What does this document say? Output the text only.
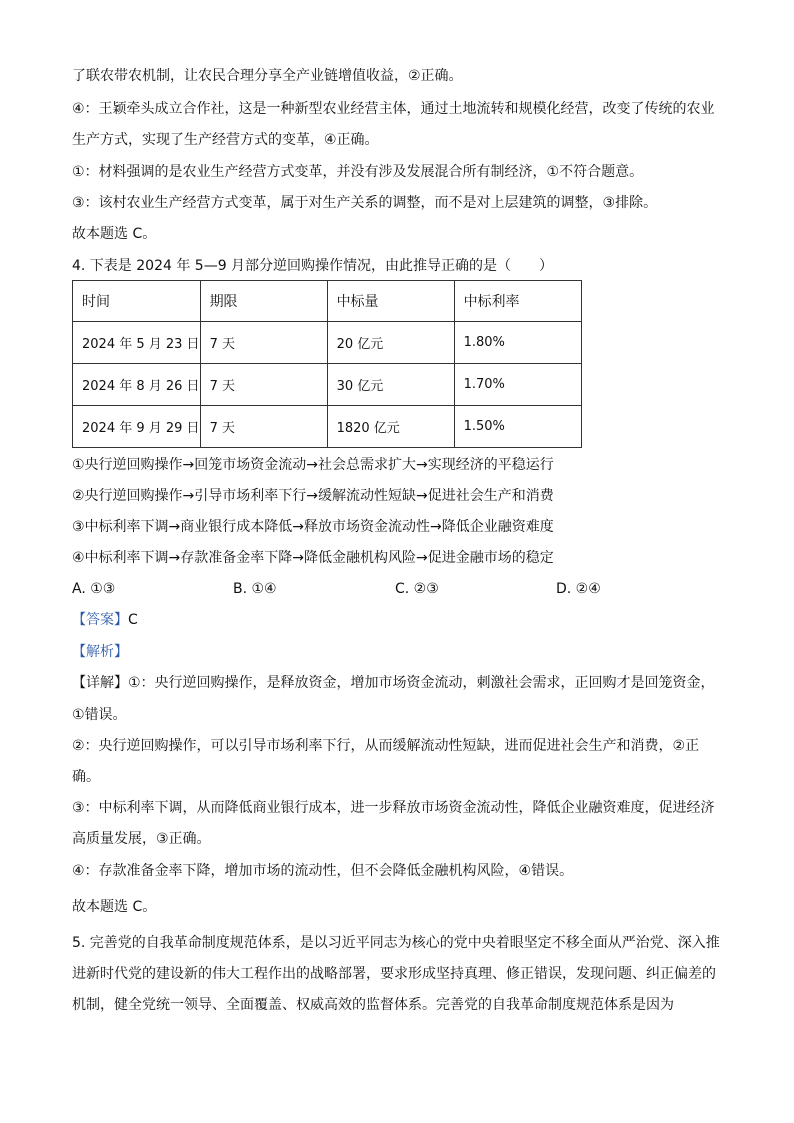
了联农带农机制，让农民合理分享全产业链增值收益，②正确。
④：王颖牵头成立合作社，这是一种新型农业经营主体，通过土地流转和规模化经营，改变了传统的农业
生产方式，实现了生产经营方式的变革，④正确。
①：材料强调的是农业生产经营方式变革，并没有涉及发展混合所有制经济，①不符合题意。
③：该村农业生产经营方式变革，属于对生产关系的调整，而不是对上层建筑的调整，③排除。
故本题选 C。
4. 下表是 2024 年 5—9 月部分逆回购操作情况，由此推导正确的是（　　）
时间	期限	中标量	中标利率
2024 年 5 月 23 日	7 天	20 亿元	1.80%
2024 年 8 月 26 日	7 天	30 亿元	1.70%
2024 年 9 月 29 日	7 天	1820 亿元	1.50%
①央行逆回购操作→回笼市场资金流动→社会总需求扩大→实现经济的平稳运行
②央行逆回购操作→引导市场利率下行→缓解流动性短缺→促进社会生产和消费
③中标利率下调→商业银行成本降低→释放市场资金流动性→降低企业融资难度
④中标利率下调→存款准备金率下降→降低金融机构风险→促进金融市场的稳定
A. ①③	B. ①④	C. ②③	D. ②④
【答案】C
【解析】
【详解】①：央行逆回购操作，是释放资金，增加市场资金流动，刺激社会需求，正回购才是回笼资金，
①错误。
②：央行逆回购操作，可以引导市场利率下行，从而缓解流动性短缺，进而促进社会生产和消费，②正
确。
③：中标利率下调，从而降低商业银行成本，进一步释放市场资金流动性，降低企业融资难度，促进经济
高质量发展，③正确。
④：存款准备金率下降，增加市场的流动性，但不会降低金融机构风险，④错误。
故本题选 C。
5. 完善党的自我革命制度规范体系，是以习近平同志为核心的党中央着眼坚定不移全面从严治党、深入推
进新时代党的建设新的伟大工程作出的战略部署，要求形成坚持真理、修正错误，发现问题、纠正偏差的
机制，健全党统一领导、全面覆盖、权威高效的监督体系。完善党的自我革命制度规范体系是因为
